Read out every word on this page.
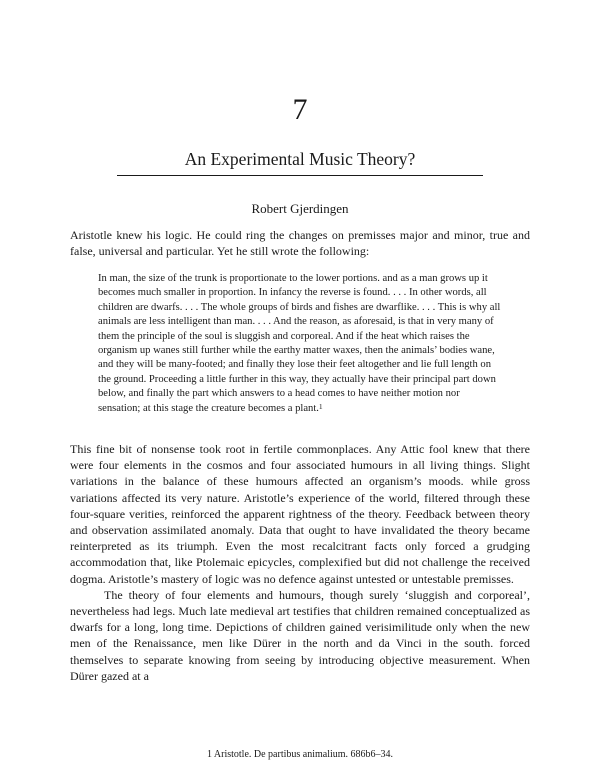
7
An Experimental Music Theory?
Robert Gjerdingen

Aristotle knew his logic. He could ring the changes on premisses major and minor, true and false, universal and particular. Yet he still wrote the following:

In man, the size of the trunk is proportionate to the lower portions. and as a man grows up it becomes much smaller in proportion. In infancy the reverse is found. . . . In other words, all children are dwarfs. . . . The whole groups of birds and fishes are dwarflike. . . . This is why all animals are less intelligent than man. . . . And the reason, as aforesaid, is that in very many of them the principle of the soul is sluggish and corporeal. And if the heat which raises the organism up wanes still further while the earthy matter waxes, then the animals’ bodies wane, and they will be many-footed; and finally they lose their feet altogether and lie full length on the ground. Proceeding a little further in this way, they actually have their principal part down below, and finally the part which answers to a head comes to have neither motion nor sensation; at this stage the creature becomes a plant.$^1$

This fine bit of nonsense took root in fertile commonplaces. Any Attic fool knew that there were four elements in the cosmos and four associated humours in all living things. Slight variations in the balance of these humours affected an organism’s moods. while gross variations affected its very nature. Aristotle’s experience of the world, filtered through these four-square verities, reinforced the apparent rightness of the theory. Feedback between theory and observation assimilated anomaly. Data that ought to have invalidated the theory became reinterpreted as its triumph. Even the most recalcitrant facts only forced a grudging accommodation that, like Ptolemaic epicycles, complexified but did not challenge the received dogma. Aristotle’s mastery of logic was no defence against untested or untestable premisses.
The theory of four elements and humours, though surely ‘sluggish and corporeal’, nevertheless had legs. Much late medieval art testifies that children remained conceptualized as dwarfs for a long, long time. Depictions of children gained verisimilitude only when the new men of the Renaissance, men like Dürer in the north and da Vinci in the south. forced themselves to separate knowing from seeing by introducing objective measurement. When Dürer gazed at a
1 Aristotle. De partibus animalium. 686b6–34.
